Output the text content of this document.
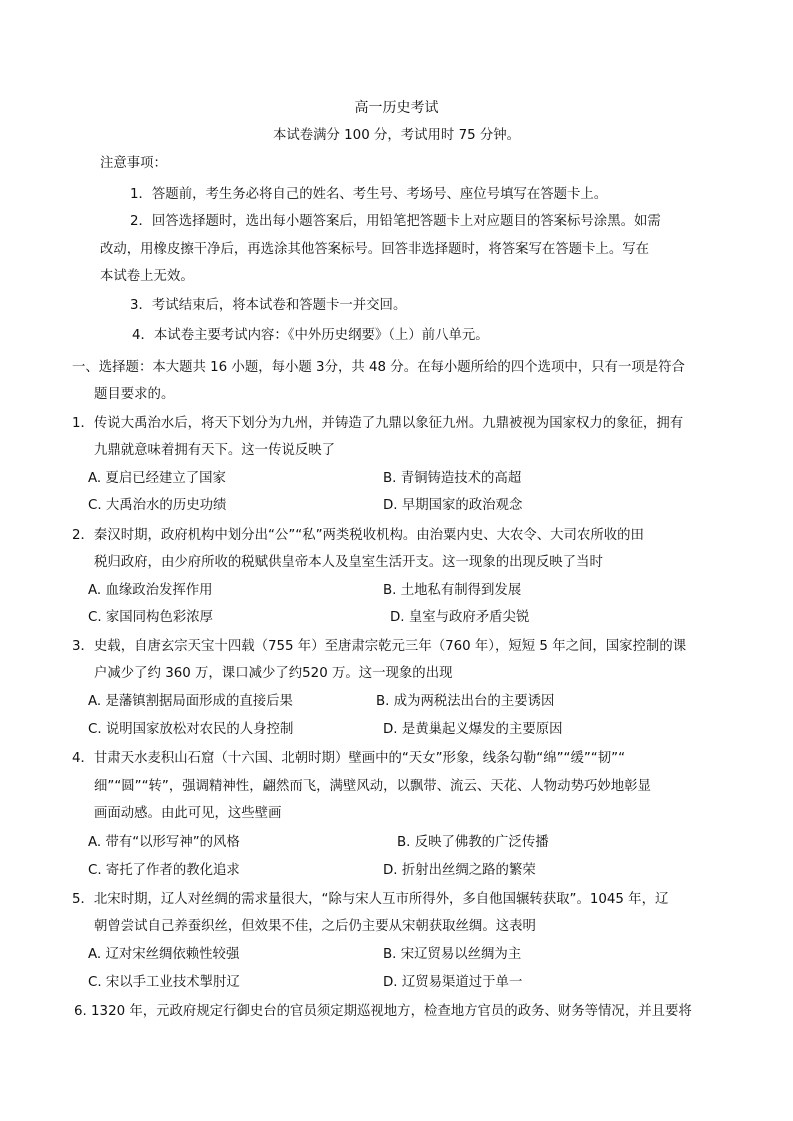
高一历史考试
本试卷满分 100 分，考试用时 75 分钟。
注意事项：
1．答题前，考生务必将自己的姓名、考生号、考场号、座位号填写在答题卡上。
2．回答选择题时，选出每小题答案后，用铅笔把答题卡上对应题目的答案标号涂黑。如需
改动，用橡皮擦干净后，再选涂其他答案标号。回答非选择题时，将答案写在答题卡上。写在
本试卷上无效。
3．考试结束后，将本试卷和答题卡一并交回。
4．本试卷主要考试内容：《中外历史纲要》（上）前八单元。
一、选择题：本大题共 16 小题，每小题 3分，共 48 分。在每小题所给的四个选项中，只有一项是符合
题目要求的。
1．传说大禹治水后，将天下划分为九州，并铸造了九鼎以象征九州。九鼎被视为国家权力的象征，拥有
九鼎就意味着拥有天下。这一传说反映了
A. 夏启已经建立了国家	B. 青铜铸造技术的高超
C. 大禹治水的历史功绩	D. 早期国家的政治观念
2．秦汉时期，政府机构中划分出“公”“私”两类税收机构。由治粟内史、大农令、大司农所收的田
税归政府，由少府所收的税赋供皇帝本人及皇室生活开支。这一现象的出现反映了当时
A. 血缘政治发挥作用	B. 土地私有制得到发展
C. 家国同构色彩浓厚	D. 皇室与政府矛盾尖锐
3．史载，自唐玄宗天宝十四载（755 年）至唐肃宗乾元三年（760 年），短短 5 年之间，国家控制的课
户减少了约 360 万，课口减少了约520 万。这一现象的出现
A. 是藩镇割据局面形成的直接后果	B. 成为两税法出台的主要诱因
C. 说明国家放松对农民的人身控制	D. 是黄巢起义爆发的主要原因
4．甘肃天水麦积山石窟（十六国、北朝时期）壁画中的“天女”形象，线条勾勒“绵”“缓”“韧”“
细”“圆”“转”，强调精神性，翩然而飞，满壁风动，以飘带、流云、天花、人物动势巧妙地彰显
画面动感。由此可见，这些壁画
A. 带有“以形写神”的风格	B. 反映了佛教的广泛传播
C. 寄托了作者的教化追求	D. 折射出丝绸之路的繁荣
5．北宋时期，辽人对丝绸的需求量很大，“除与宋人互市所得外，多自他国辗转获取”。1045 年，辽
朝曾尝试自己养蚕织丝，但效果不佳，之后仍主要从宋朝获取丝绸。这表明
A. 辽对宋丝绸依赖性较强	B. 宋辽贸易以丝绸为主
C. 宋以手工业技术掣肘辽	D. 辽贸易渠道过于单一
6. 1320 年，元政府规定行御史台的官员须定期巡视地方，检查地方官员的政务、财务等情况，并且要将
